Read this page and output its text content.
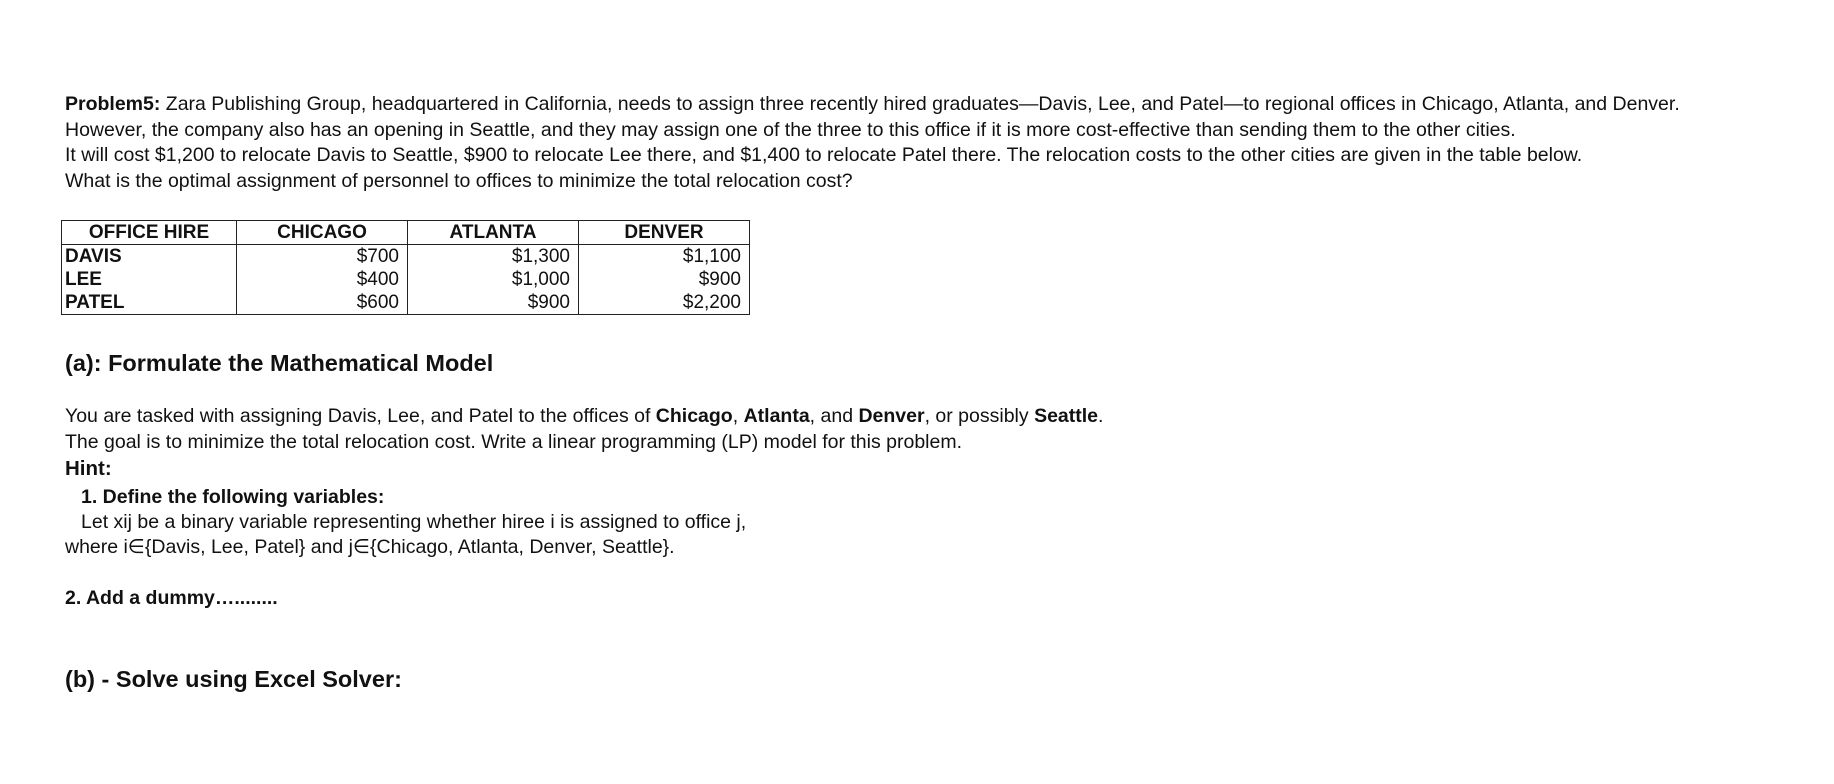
Problem5: Zara Publishing Group, headquartered in California, needs to assign three recently hired graduates—Davis, Lee, and Patel—to regional offices in Chicago, Atlanta, and Denver.
However, the company also has an opening in Seattle, and they may assign one of the three to this office if it is more cost-effective than sending them to the other cities.
It will cost $1,200 to relocate Davis to Seattle, $900 to relocate Lee there, and $1,400 to relocate Patel there. The relocation costs to the other cities are given in the table below.
What is the optimal assignment of personnel to offices to minimize the total relocation cost?
OFFICE HIRE	CHICAGO	ATLANTA	DENVER
DAVIS	$700	$1,300	$1,100
LEE	$400	$1,000	$900
PATEL	$600	$900	$2,200
(a): Formulate the Mathematical Model
You are tasked with assigning Davis, Lee, and Patel to the offices of Chicago, Atlanta, and Denver, or possibly Seattle.
The goal is to minimize the total relocation cost. Write a linear programming (LP) model for this problem.
Hint:
1. Define the following variables:
Let xij be a binary variable representing whether hiree i is assigned to office j,
where i∈{Davis, Lee, Patel} and j∈{Chicago, Atlanta, Denver, Seattle}.
2. Add a dummy…........
(b) - Solve using Excel Solver:
